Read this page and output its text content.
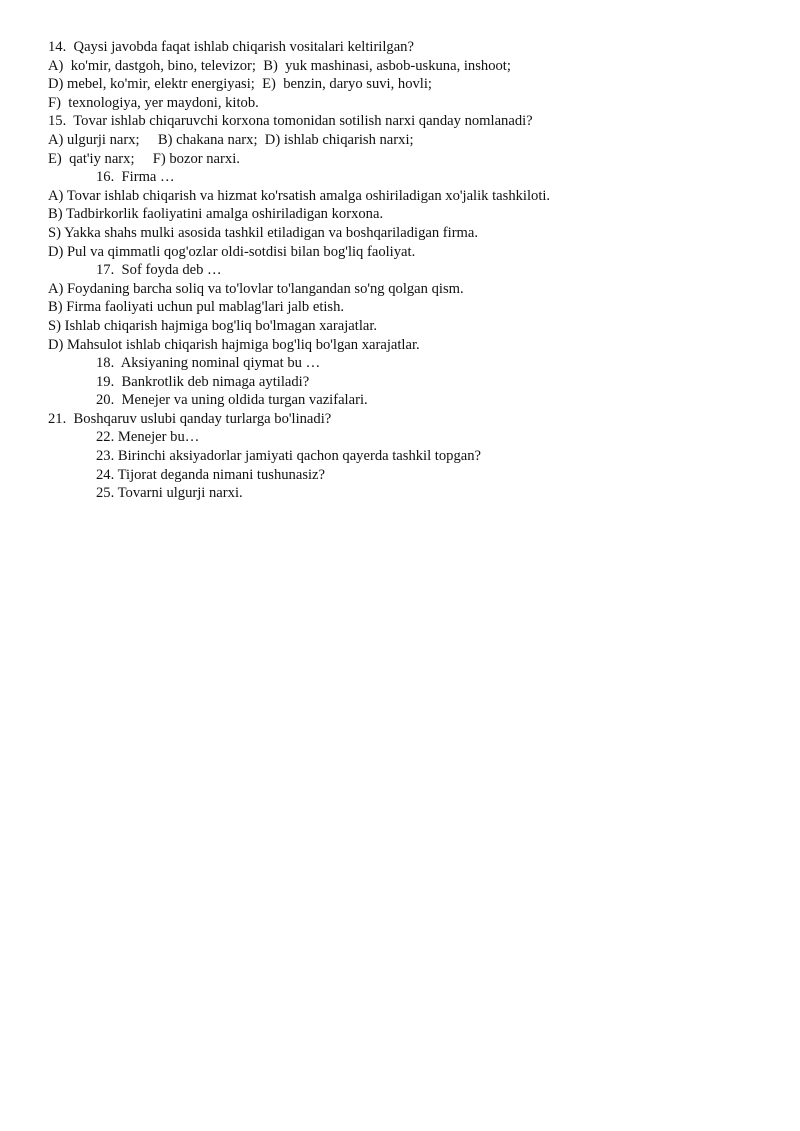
14.  Qaysi javobda faqat ishlab chiqarish vositalari keltirilgan?

A)  ko'mir, dastgoh, bino, televizor;  B)  yuk mashinasi, asbob-uskuna, inshoot;

D) mebel, ko'mir, elektr energiyasi;  E)  benzin, daryo suvi, hovli;

F)  texnologiya, yer maydoni, kitob.

15.  Tovar ishlab chiqaruvchi korxona tomonidan sotilish narxi qanday nomlanadi?

A) ulgurji narx;     B) chakana narx;  D) ishlab chiqarish narxi;

E)  qat'iy narx;     F) bozor narxi.

16.  Firma …

A) Tovar ishlab chiqarish va hizmat ko'rsatish amalga oshiriladigan xo'jalik tashkiloti.

B) Tadbirkorlik faoliyatini amalga oshiriladigan korxona.

S) Yakka shahs mulki asosida tashkil etiladigan va boshqariladigan firma.

D) Pul va qimmatli qog'ozlar oldi-sotdisi bilan bog'liq faoliyat.

17.  Sof foyda deb …

A) Foydaning barcha soliq va to'lovlar to'langandan so'ng qolgan qism.

B) Firma faoliyati uchun pul mablag'lari jalb etish.

S) Ishlab chiqarish hajmiga bog'liq bo'lmagan xarajatlar.

D) Mahsulot ishlab chiqarish hajmiga bog'liq bo'lgan xarajatlar.

18.  Aksiyaning nominal qiymat bu …

19.  Bankrotlik deb nimaga aytiladi?

20.  Menejer va uning oldida turgan vazifalari.

21.  Boshqaruv uslubi qanday turlarga bo'linadi?

22. Menejer bu…

23. Birinchi aksiyadorlar jamiyati qachon qayerda tashkil topgan?

24. Tijorat deganda nimani tushunasiz?

25. Tovarni ulgurji narxi.
